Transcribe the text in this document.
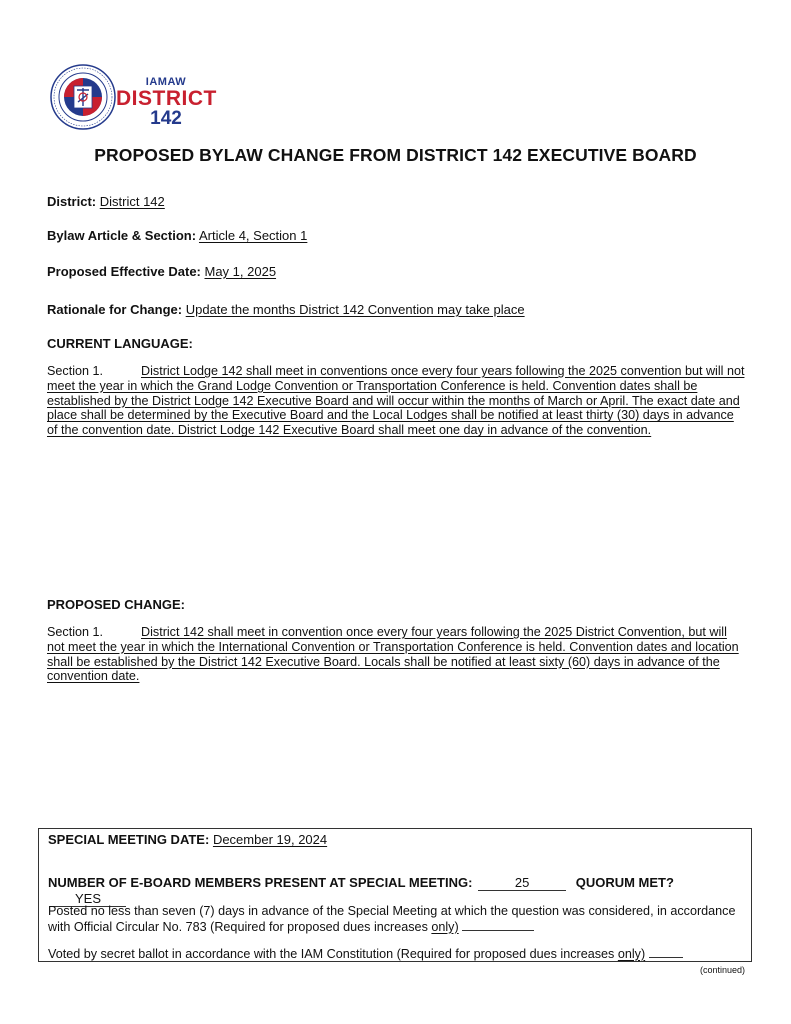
IAMAW
DISTRICT
142
PROPOSED BYLAW CHANGE FROM DISTRICT 142 EXECUTIVE BOARD
District: District 142
Bylaw Article & Section: Article 4, Section 1
Proposed Effective Date: May 1, 2025
Rationale for Change: Update the months District 142 Convention may take place
CURRENT LANGUAGE:
Section 1.	District Lodge 142 shall meet in conventions once every four years following the 2025 convention but will not meet the year in which the Grand Lodge Convention or Transportation Conference is held. Convention dates shall be established by the District Lodge 142 Executive Board and will occur within the months of March or April. The exact date and place shall be determined by the Executive Board and the Local Lodges shall be notified at least thirty (30) days in advance of the convention date. District Lodge 142 Executive Board shall meet one day in advance of the convention.
PROPOSED CHANGE:
Section 1.	District 142 shall meet in convention once every four years following the 2025 District Convention, but will not meet the year in which the International Convention or Transportation Conference is held. Convention dates and location shall be established by the District 142 Executive Board. Locals shall be notified at least sixty (60) days in advance of the convention date.
SPECIAL MEETING DATE: December 19, 2024
NUMBER OF E-BOARD MEMBERS PRESENT AT SPECIAL MEETING:	25	QUORUM MET? YES
Posted no less than seven (7) days in advance of the Special Meeting at which the question was considered, in accordance with Official Circular No. 783 (Required for proposed dues increases only)
Voted by secret ballot in accordance with the IAM Constitution (Required for proposed dues increases only)
(continued)
